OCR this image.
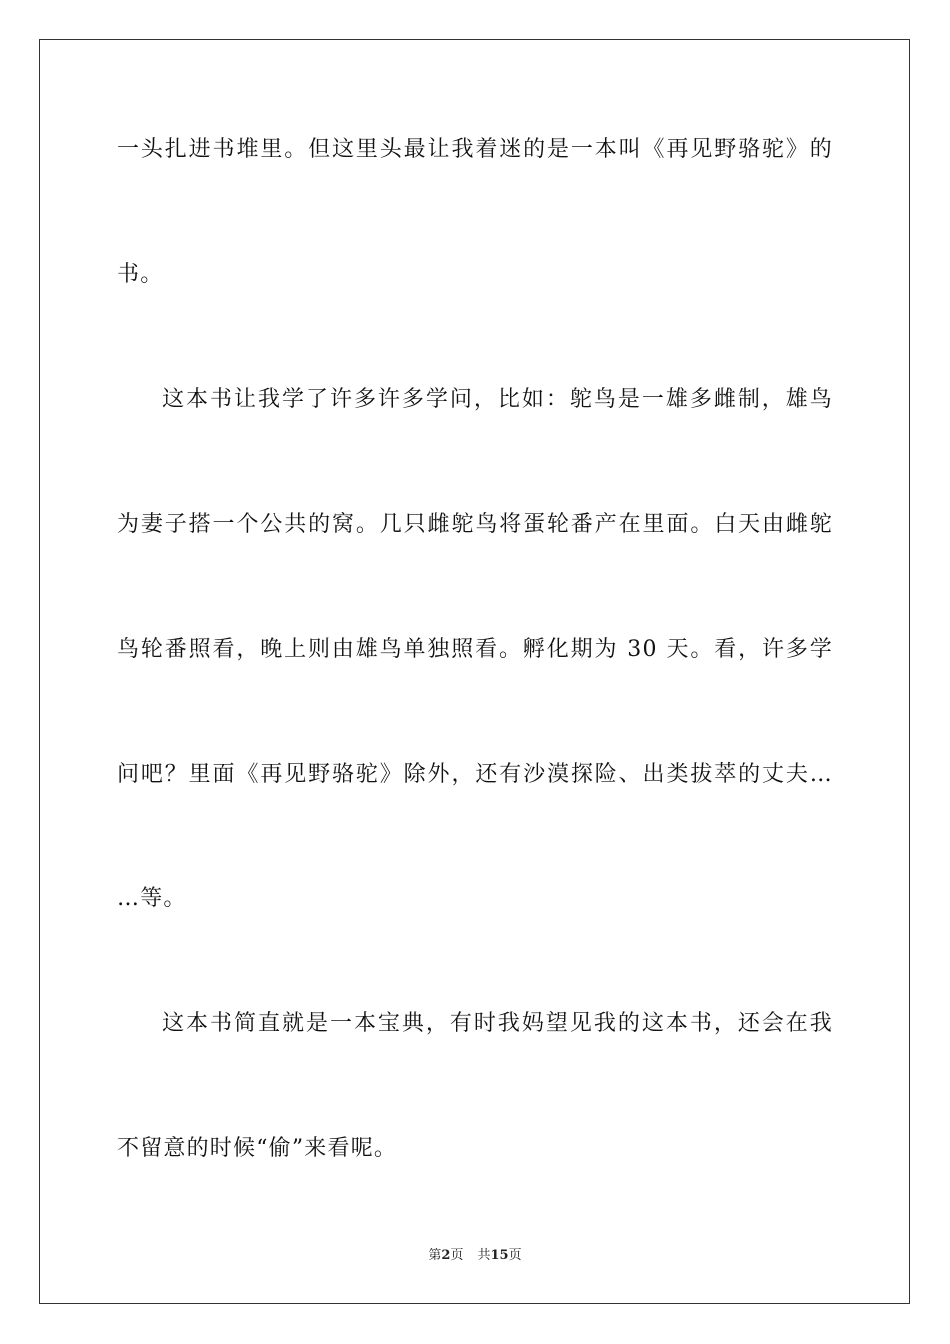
一头扎进书堆里。但这里头最让我着迷的是一本叫《再见野骆驼》的
书。
这本书让我学了许多许多学问，比如：鸵鸟是一雄多雌制，雄鸟
为妻子搭一个公共的窝。几只雌鸵鸟将蛋轮番产在里面。白天由雌鸵
鸟轮番照看，晚上则由雄鸟单独照看。孵化期为 30 天。看，许多学
问吧？里面《再见野骆驼》除外，还有沙漠探险、出类拔萃的丈夫…
…等。
这本书简直就是一本宝典，有时我妈望见我的这本书，还会在我
不留意的时候“偷”来看呢。
第2页 共15页
